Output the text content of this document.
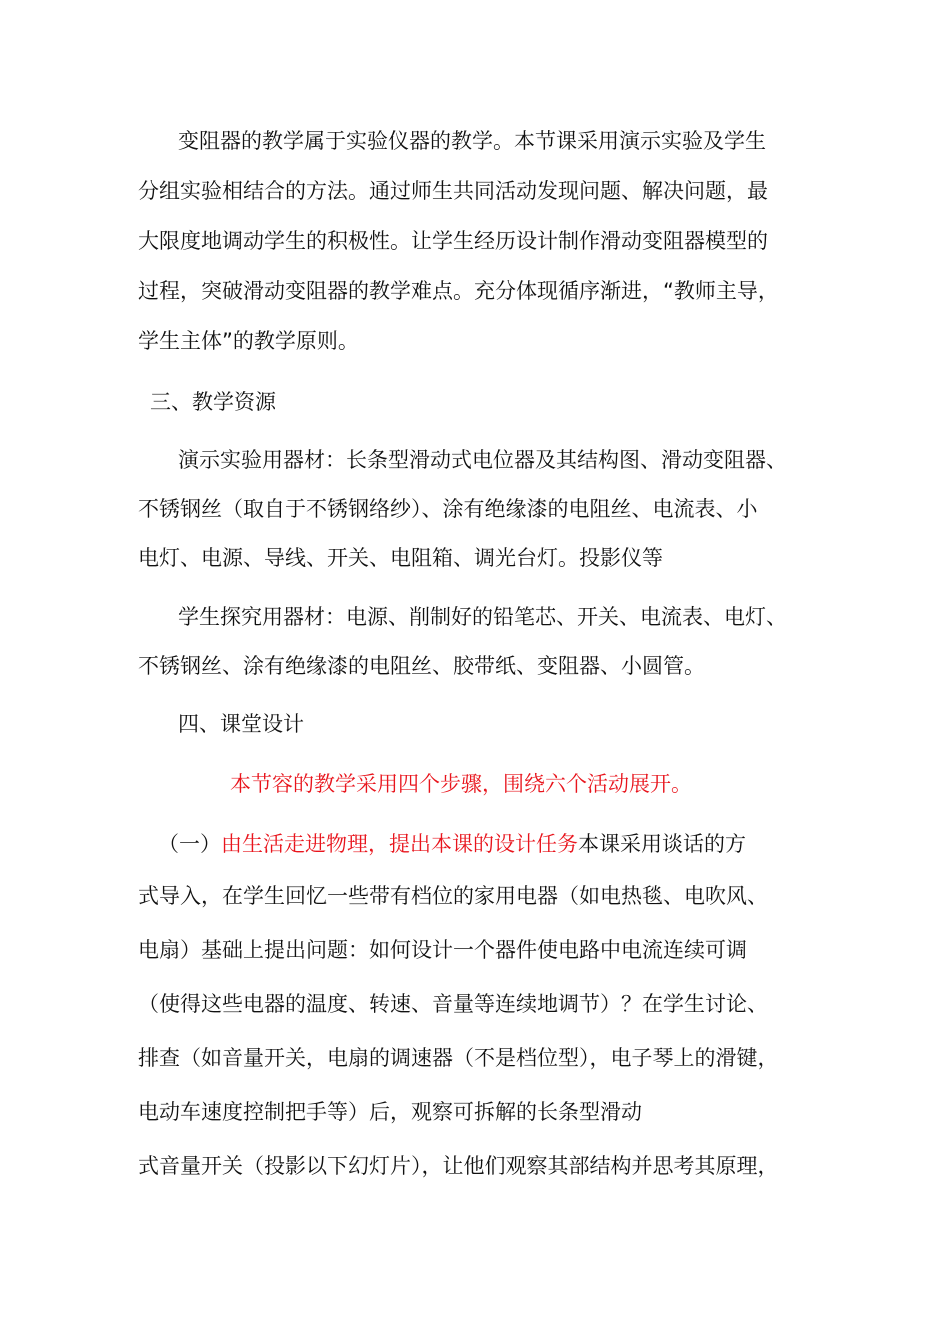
变阻器的教学属于实验仪器的教学。本节课采用演示实验及学生

分组实验相结合的方法。通过师生共同活动发现问题、解决问题，最

大限度地调动学生的积极性。让学生经历设计制作滑动变阻器模型的

过程，突破滑动变阻器的教学难点。充分体现循序渐进，“教师主导，

学生主体”的教学原则。

三、教学资源

演示实验用器材：长条型滑动式电位器及其结构图、滑动变阻器、

不锈钢丝（取自于不锈钢络纱）、涂有绝缘漆的电阻丝、电流表、小

电灯、电源、导线、开关、电阻箱、调光台灯。投影仪等

学生探究用器材：电源、削制好的铅笔芯、开关、电流表、电灯、

不锈钢丝、涂有绝缘漆的电阻丝、胶带纸、变阻器、小圆管。

四、课堂设计

本节容的教学采用四个步骤，围绕六个活动展开。

（一）由生活走进物理，提出本课的设计任务本课采用谈话的方

式导入，在学生回忆一些带有档位的家用电器（如电热毯、电吹风、

电扇）基础上提出问题：如何设计一个器件使电路中电流连续可调

（使得这些电器的温度、转速、音量等连续地调节）？在学生讨论、

排查（如音量开关，电扇的调速器（不是档位型），电子琴上的滑键，

电动车速度控制把手等）后，观察可拆解的长条型滑动

式音量开关（投影以下幻灯片），让他们观察其部结构并思考其原理，
